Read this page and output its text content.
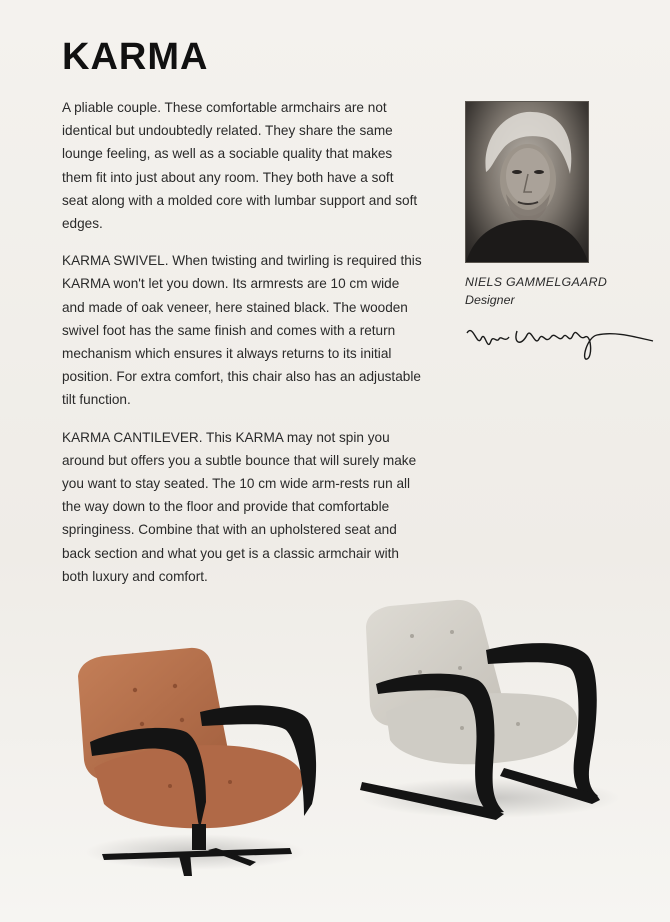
KARMA

A pliable couple. These comfortable armchairs are not identical but undoubtedly related. They share the same lounge feeling, as well as a sociable quality that makes them fit into just about any room. They both have a soft seat along with a molded core with lumbar support and soft edges.

KARMA SWIVEL. When twisting and twirling is required this KARMA won't let you down. Its armrests are 10 cm wide and made of oak veneer, here stained black. The wooden swivel foot has the same finish and comes with a return mechanism which ensures it always returns to its initial position. For extra comfort, this chair also has an adjustable tilt function.

KARMA CANTILEVER. This KARMA may not spin you around but offers you a subtle bounce that will surely make you want to stay seated. The 10 cm wide arm-rests run all the way down to the floor and provide that comfortable springiness. Combine that with an upholstered seat and back section and what you get is a classic armchair with both luxury and comfort.

NIELS GAMMELGAARD
Designer
